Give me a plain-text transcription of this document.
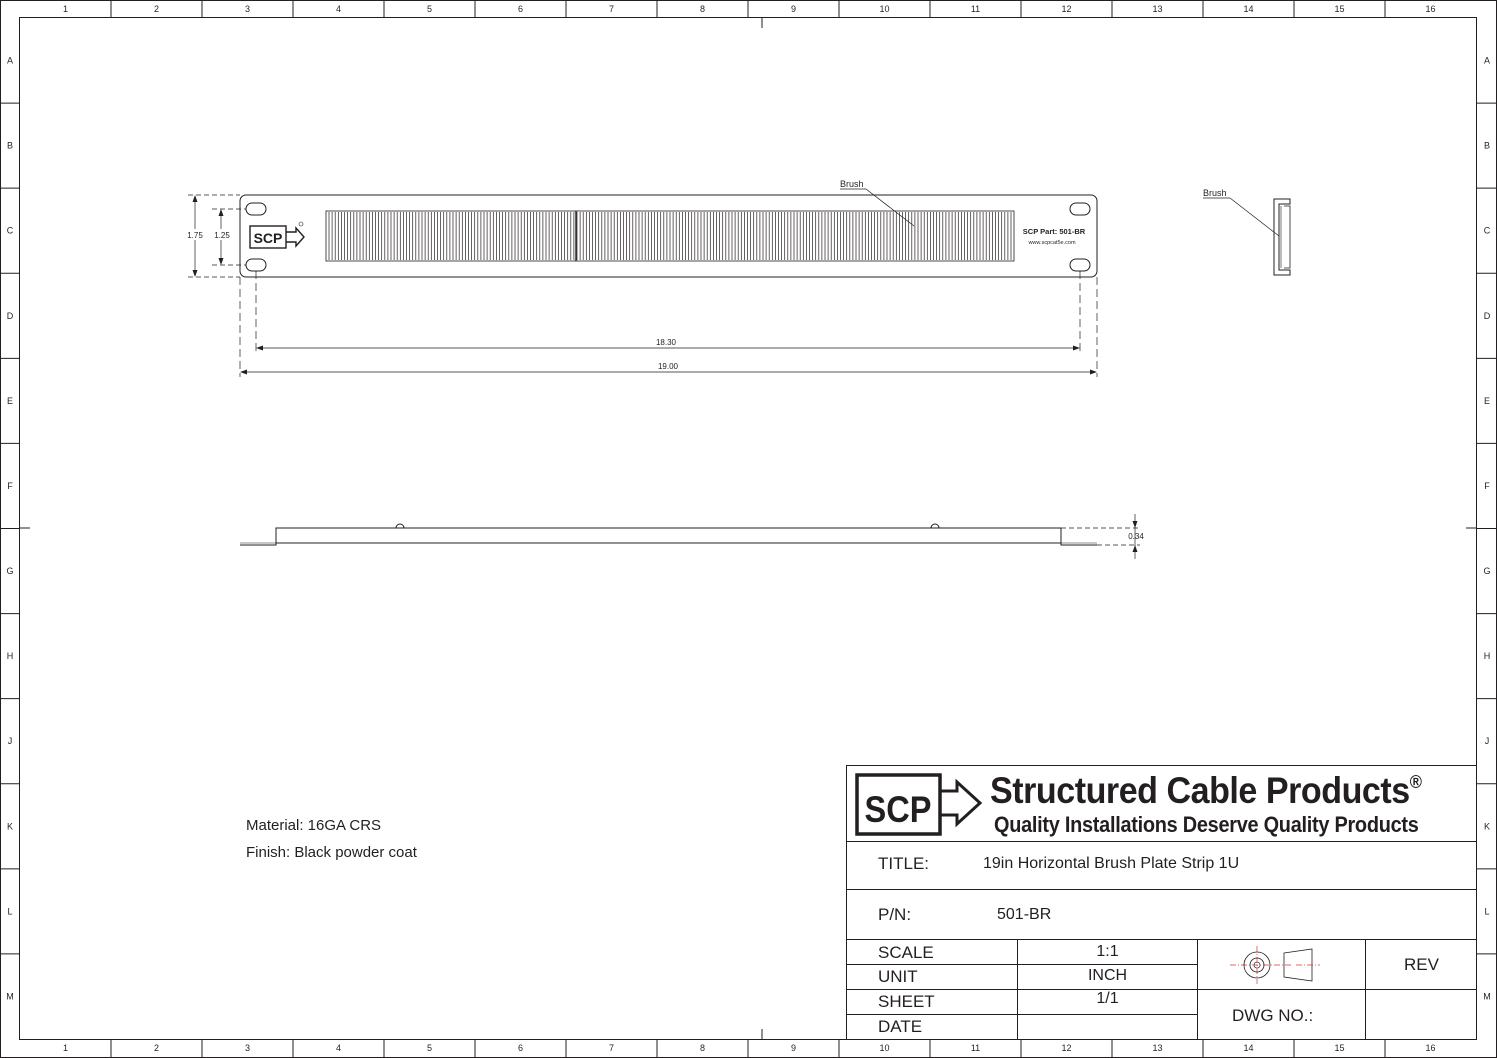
1
1
2
2
3
3
4
4
5
5
6
6
7
7
8
8
9
9
10
10
11
11
12
12
13
13
14
14
15
15
16
16
A	A
B	B
C	C
D	D
E	E
F	F
G	G
H	H
J	J
K	K
L	L
M	M
SCP	SCP Part: 501-BR
www.scpcat5e.com
Brush
1.75 1.25
18.30
19.00
Brush
0.34
SCP Structured Cable Products®
Quality Installations Deserve Quality Products
Material: 16GA CRS
Finish: Black powder coat
TITLE:	19in Horizontal Brush Plate Strip 1U
P/N:	501-BR
SCALE	1:1
UNIT	INCH
SHEET	1/1
DATE
REV
DWG NO.:
